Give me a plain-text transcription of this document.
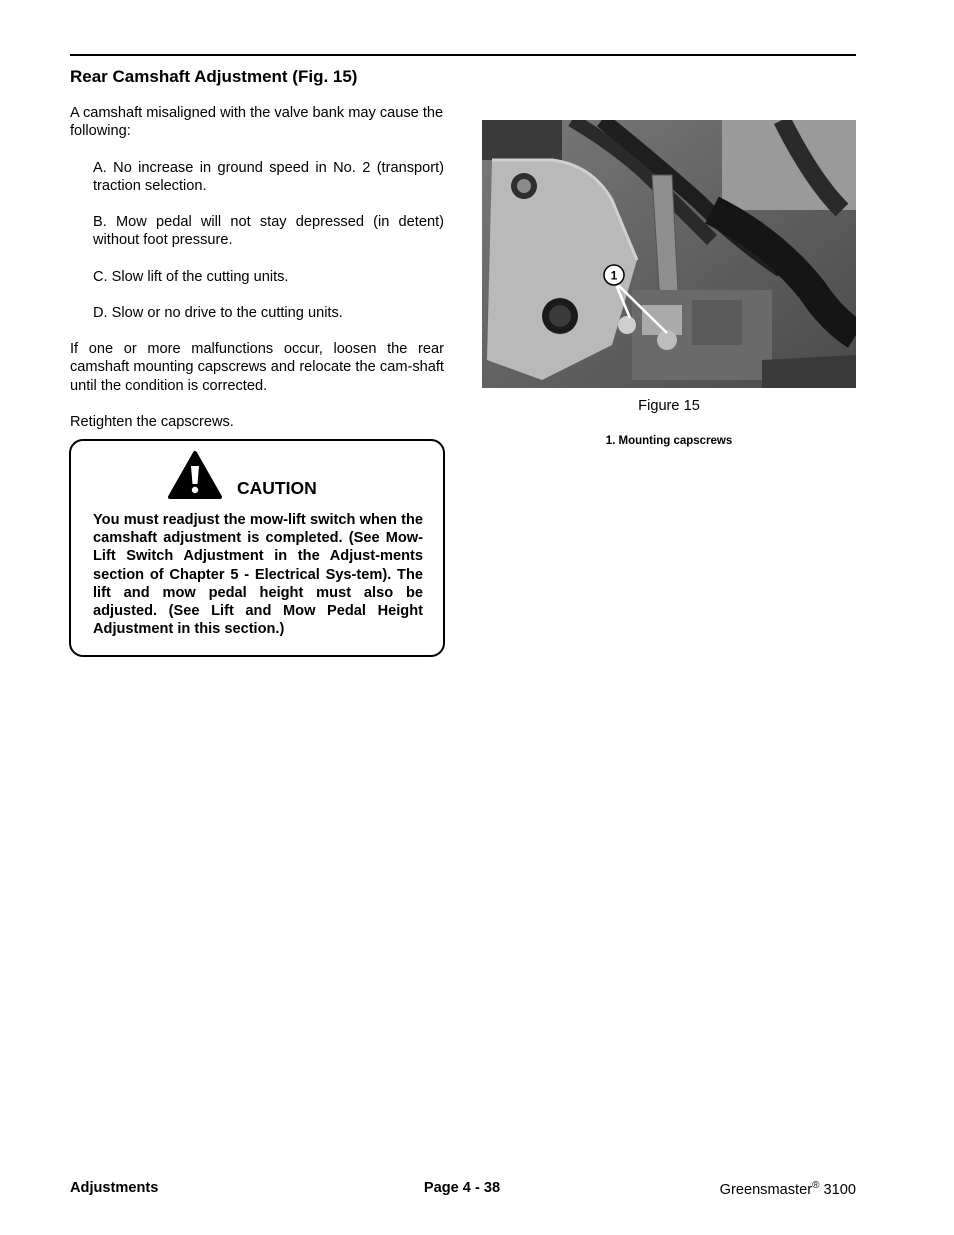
Rear Camshaft Adjustment (Fig. 15)
A camshaft misaligned with the valve bank may cause the following:
A. No increase in ground speed in No. 2 (transport) traction selection.
B. Mow pedal will not stay depressed (in detent) without foot pressure.
C. Slow lift of the cutting units.
D. Slow or no drive to the cutting units.
If one or more malfunctions occur, loosen the rear camshaft mounting capscrews and relocate the cam-shaft until the condition is corrected.
Retighten the capscrews.
CAUTION
You must readjust the mow-lift switch when the camshaft adjustment is completed. (See Mow-Lift Switch Adjustment in the Adjust-ments section of Chapter 5 - Electrical Sys-tem). The lift and mow pedal height must also be adjusted. (See Lift and Mow Pedal Height Adjustment in this section.)
1
Figure 15
1. Mounting capscrews
Adjustments	Page 4 - 38	Greensmaster® 3100
